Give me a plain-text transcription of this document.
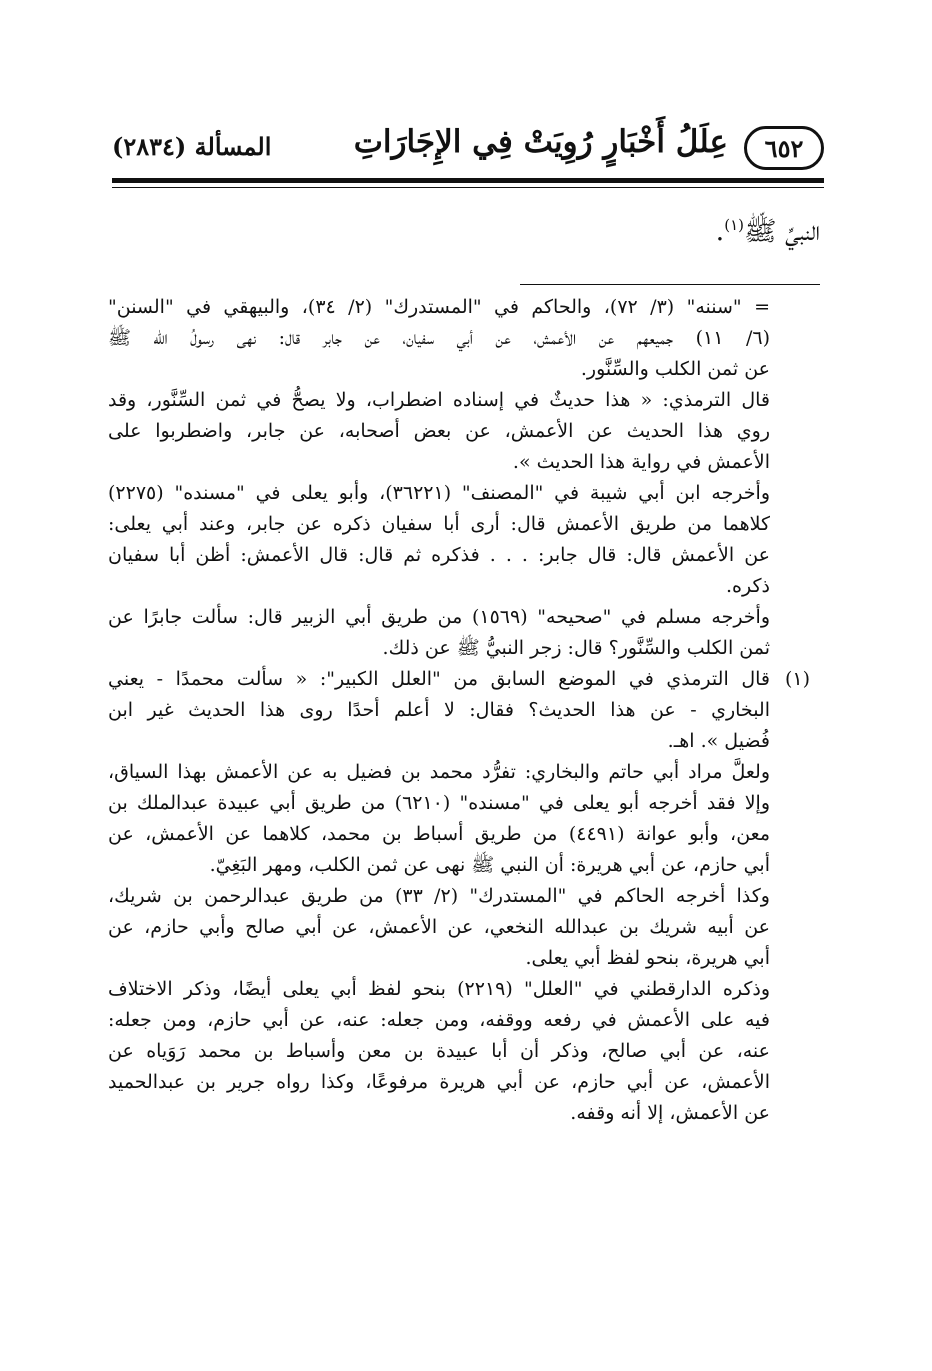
٦٥٢
عِلَلُ أَخْبَارٍ رُوِيَتْ فِي الإِجَارَاتِ
المسألة (٢٨٣٤)
النبيِّ ﷺ$^{(١)}$.
= "سننه" (٣/ ٧٢)، والحاكم في "المستدرك" (٢/ ٣٤)، والبيهقي في "السنن"
(٦/ ١١) جميعهم عن الأعمش، عن أبي سفيان، عن جابر قال: نهى رسولُ الله ﷺ
عن ثمن الكلب والسِّنَّور.
قال الترمذي: « هذا حديثٌ في إسناده اضطراب، ولا يصحُّ في ثمن السِّنَّور، وقد
روي هذا الحديث عن الأعمش، عن بعض أصحابه، عن جابر، واضطربوا على
الأعمش في رواية هذا الحديث ».
وأخرجه ابن أبي شيبة في "المصنف" (٣٦٢٢١)، وأبو يعلى في "مسنده" (٢٢٧٥)
كلاهما من طريق الأعمش قال: أرى أبا سفيان ذكره عن جابر، وعند أبي يعلى:
عن الأعمش قال: قال جابر: . . . فذكره ثم قال: قال الأعمش: أظن أبا سفيان
ذكره.
وأخرجه مسلم في "صحيحه" (١٥٦٩) من طريق أبي الزبير قال: سألت جابرًا عن
ثمن الكلب والسِّنَّور؟ قال: زجر النبيُّ ﷺ عن ذلك.
(١)
قال الترمذي في الموضع السابق من "العلل الكبير": « سألت محمدًا - يعني
البخاري - عن هذا الحديث؟ فقال: لا أعلم أحدًا روى هذا الحديث غير ابن
فُضيل ». اهـ.
ولعلَّ مراد أبي حاتم والبخاري: تفرُّد محمد بن فضيل به عن الأعمش بهذا السياق،
وإلا فقد أخرجه أبو يعلى في "مسنده" (٦٢١٠) من طريق أبي عبيدة عبدالملك بن
معن، وأبو عوانة (٤٤٩١) من طريق أسباط بن محمد، كلاهما عن الأعمش، عن
أبي حازم، عن أبي هريرة: أن النبي ﷺ نهى عن ثمن الكلب، ومهر البَغِيّ.
وكذا أخرجه الحاكم في "المستدرك" (٢/ ٣٣) من طريق عبدالرحمن بن شريك،
عن أبيه شريك بن عبدالله النخعي، عن الأعمش، عن أبي صالح وأبي حازم، عن
أبي هريرة، بنحو لفظ أبي يعلى.
وذكره الدارقطني في "العلل" (٢٢١٩) بنحو لفظ أبي يعلى أيضًا، وذكر الاختلاف
فيه على الأعمش في رفعه ووقفه، ومن جعله: عنه، عن أبي حازم، ومن جعله:
عنه، عن أبي صالح، وذكر أن أبا عبيدة بن معن وأسباط بن محمد رَوَياه عن
الأعمش، عن أبي حازم، عن أبي هريرة مرفوعًا، وكذا رواه جرير بن عبدالحميد
عن الأعمش، إلا أنه وقفه.
